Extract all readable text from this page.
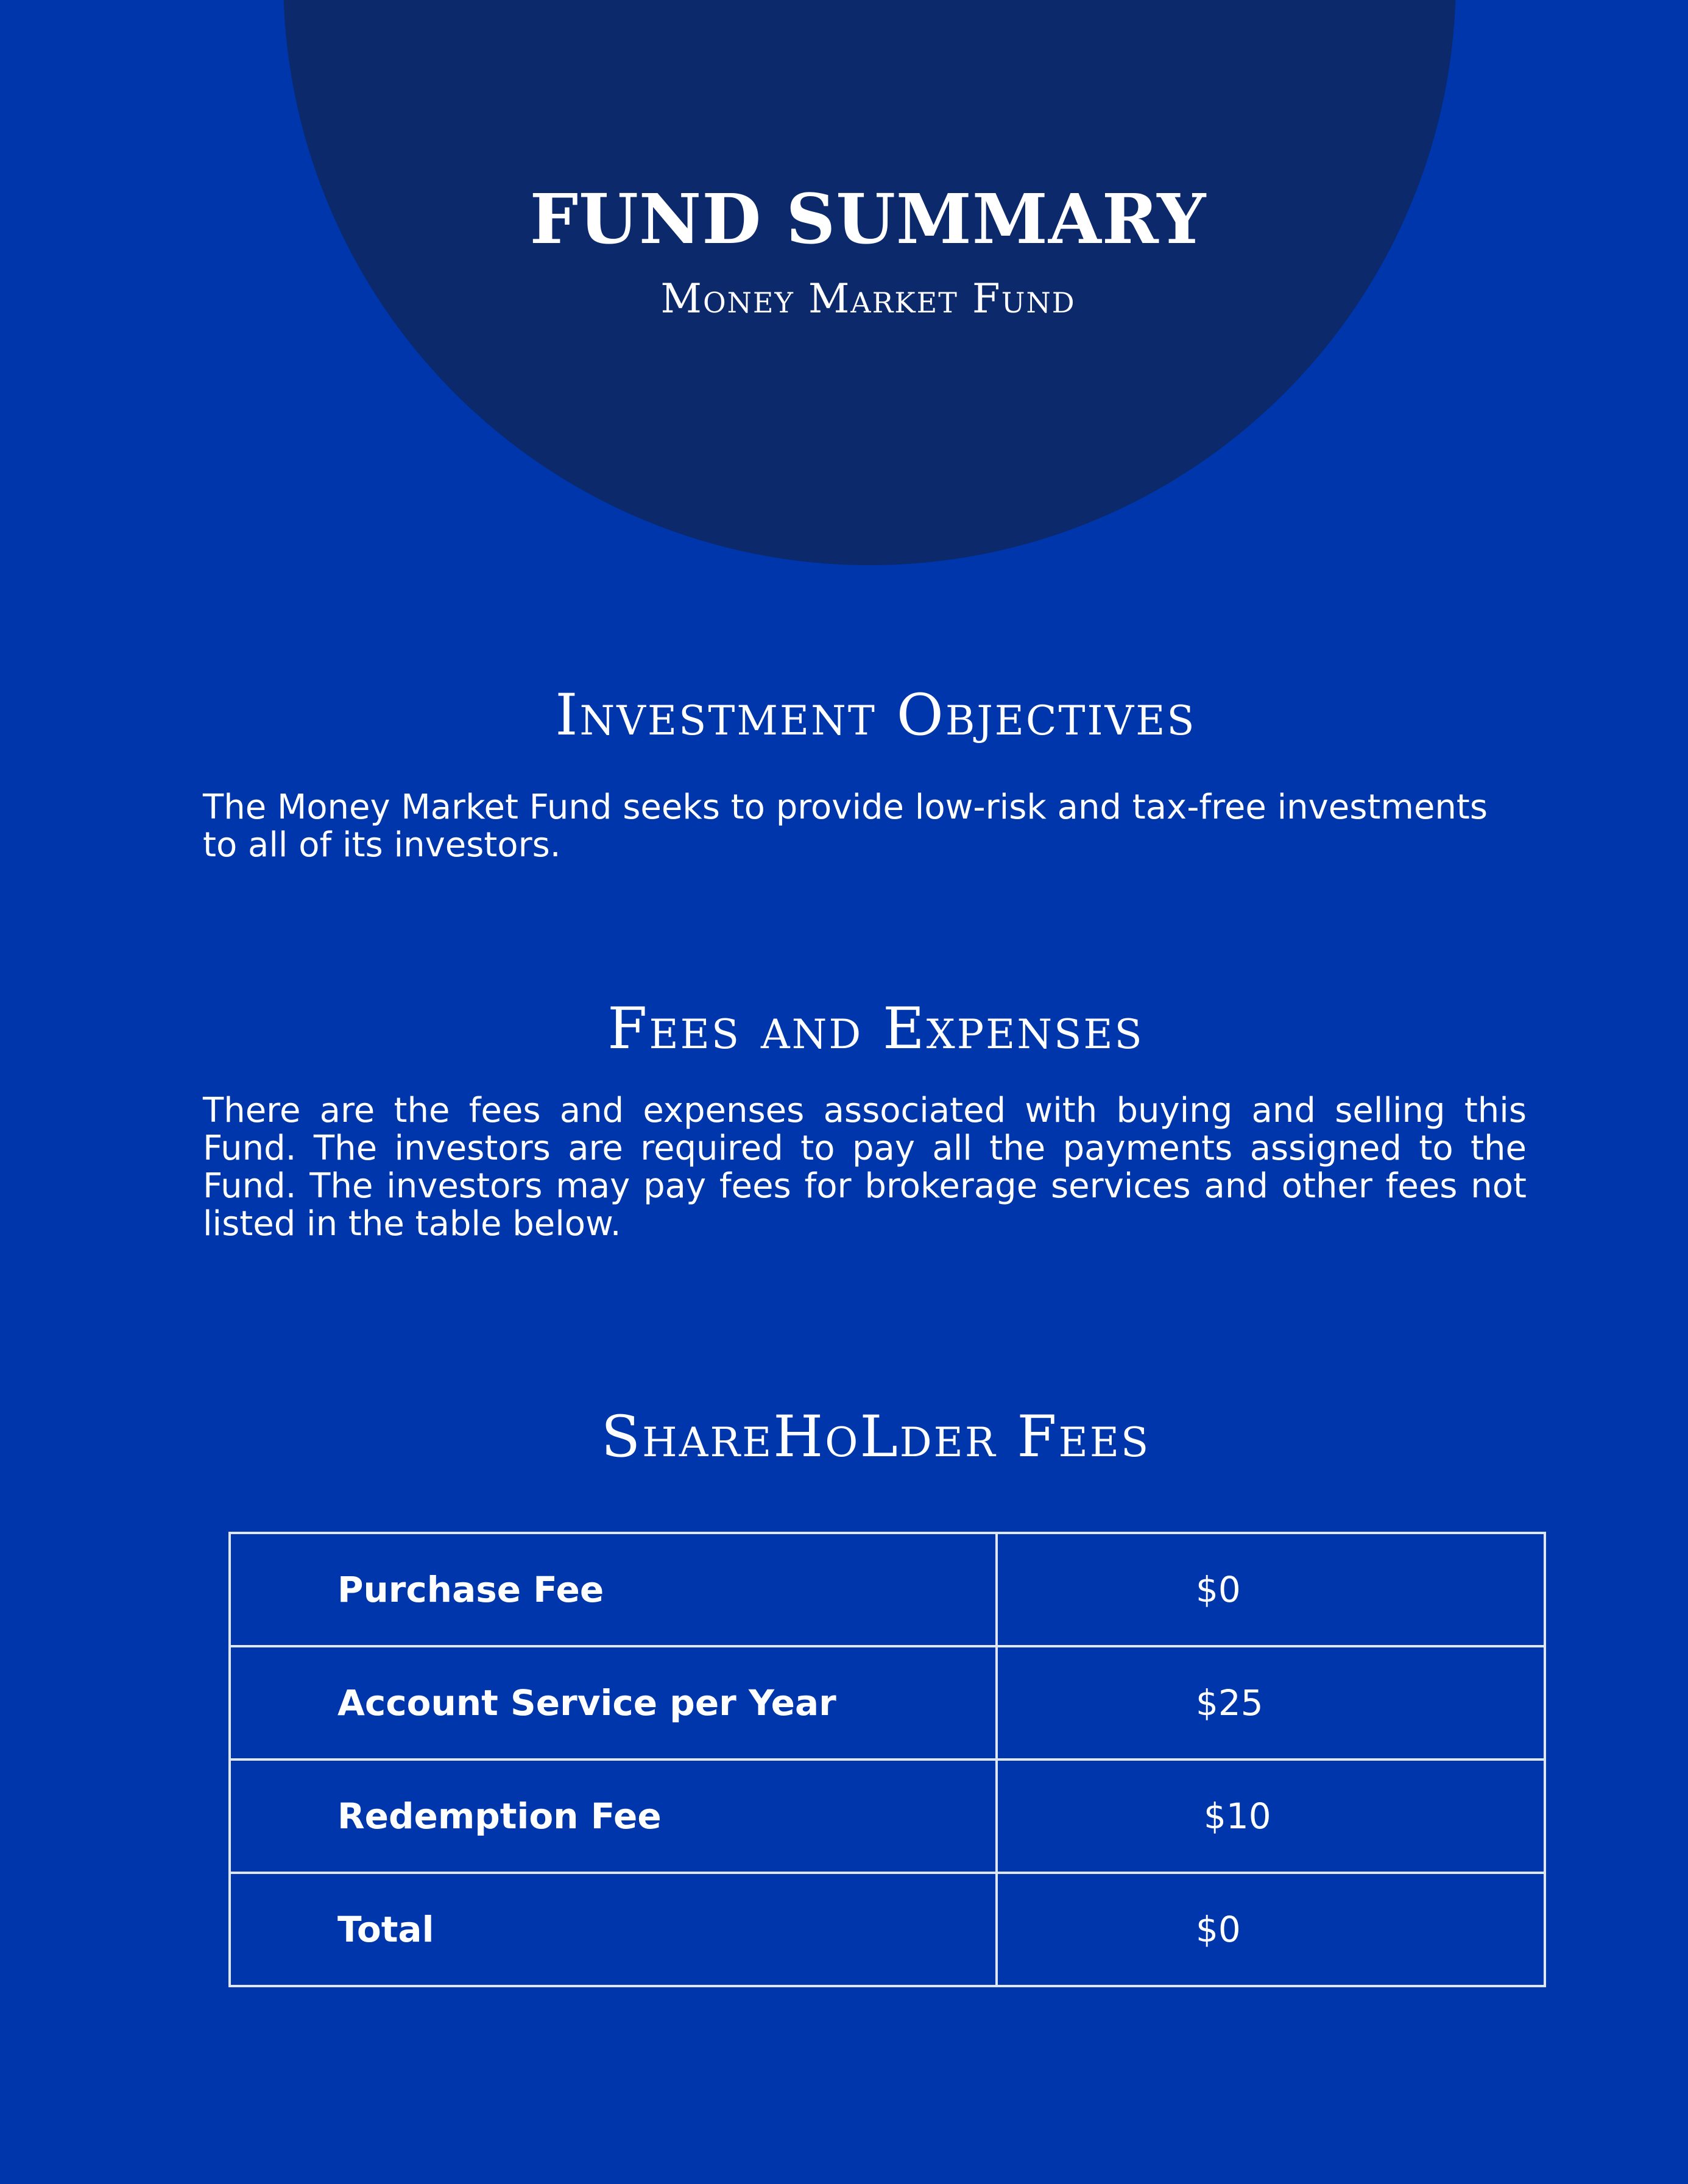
FUND SUMMARY
Money Market Fund
Investment Objectives

The Money Market Fund seeks to provide low-risk and tax-free investments to all of its investors.

Fees and Expenses

There are the fees and expenses associated with buying and selling this Fund. The investors are required to pay all the payments assigned to the Fund. The investors may pay fees for brokerage services and other fees not listed in the table below.

ShareHoLder Fees
Purchase Fee	$0
Account Service per Year	$25
Redemption Fee	$10
Total	$0
